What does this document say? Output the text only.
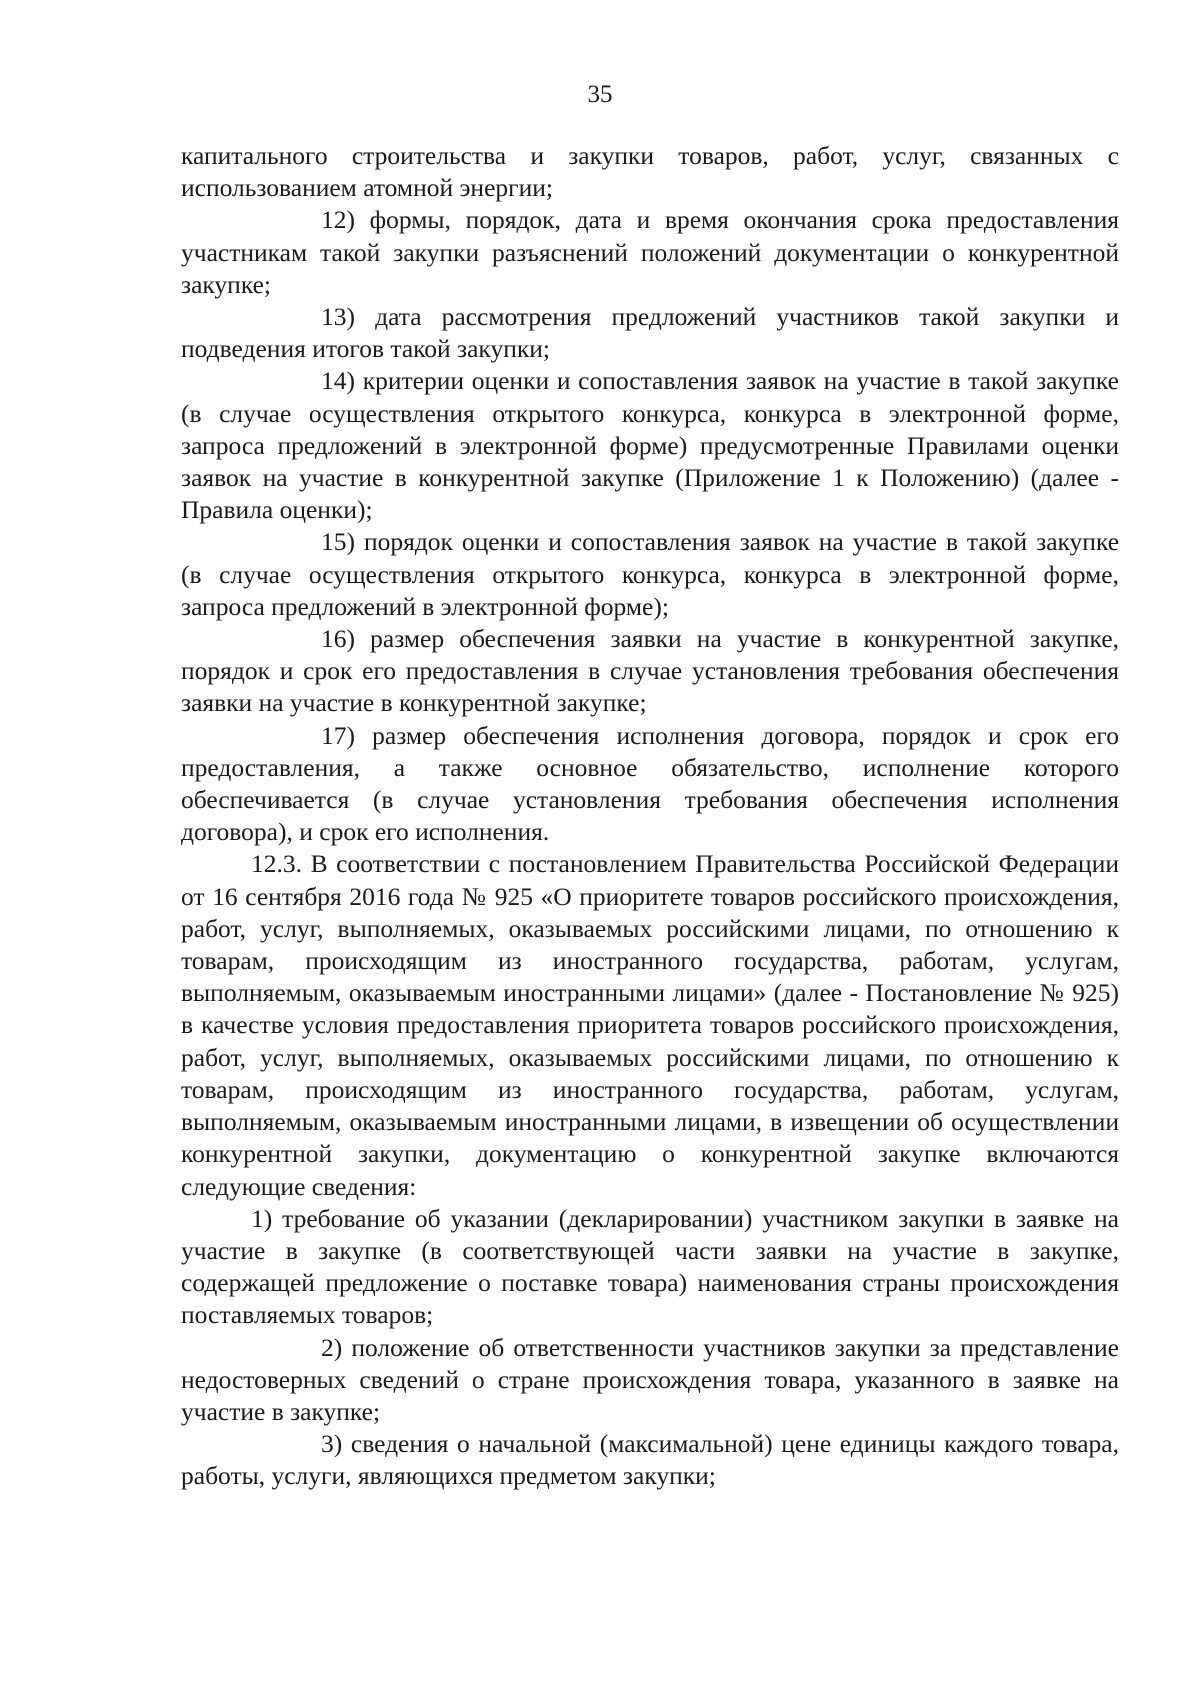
35

капитального строительства и закупки товаров, работ, услуг, связанных с использованием атомной энергии;

12) формы, порядок, дата и время окончания срока предоставления участникам такой закупки разъяснений положений документации о конкурентной закупке;

13) дата рассмотрения предложений участников такой закупки и подведения итогов такой закупки;

14) критерии оценки и сопоставления заявок на участие в такой закупке (в случае осуществления открытого конкурса, конкурса в электронной форме, запроса предложений в электронной форме) предусмотренные Правилами оценки заявок на участие в конкурентной закупке (Приложение 1 к Положению) (далее - Правила оценки);

15) порядок оценки и сопоставления заявок на участие в такой закупке (в случае осуществления открытого конкурса, конкурса в электронной форме, запроса предложений в электронной форме);

16) размер обеспечения заявки на участие в конкурентной закупке, порядок и срок его предоставления в случае установления требования обеспечения заявки на участие в конкурентной закупке;

17) размер обеспечения исполнения договора, порядок и срок его предоставления, а также основное обязательство, исполнение которого обеспечивается (в случае установления требования обеспечения исполнения договора), и срок его исполнения.

12.3. В соответствии с постановлением Правительства Российской Федерации от 16 сентября 2016 года № 925 «О приоритете товаров российского происхождения, работ, услуг, выполняемых, оказываемых российскими лицами, по отношению к товарам, происходящим из иностранного государства, работам, услугам, выполняемым, оказываемым иностранными лицами» (далее - Постановление № 925) в качестве условия предоставления приоритета товаров российского происхождения, работ, услуг, выполняемых, оказываемых российскими лицами, по отношению к товарам, происходящим из иностранного государства, работам, услугам, выполняемым, оказываемым иностранными лицами, в извещении об осуществлении конкурентной закупки, документацию о конкурентной закупке включаются следующие сведения:

1) требование об указании (декларировании) участником закупки в заявке на участие в закупке (в соответствующей части заявки на участие в закупке, содержащей предложение о поставке товара) наименования страны происхождения поставляемых товаров;

2) положение об ответственности участников закупки за представление недостоверных сведений о стране происхождения товара, указанного в заявке на участие в закупке;

3) сведения о начальной (максимальной) цене единицы каждого товара, работы, услуги, являющихся предметом закупки;
